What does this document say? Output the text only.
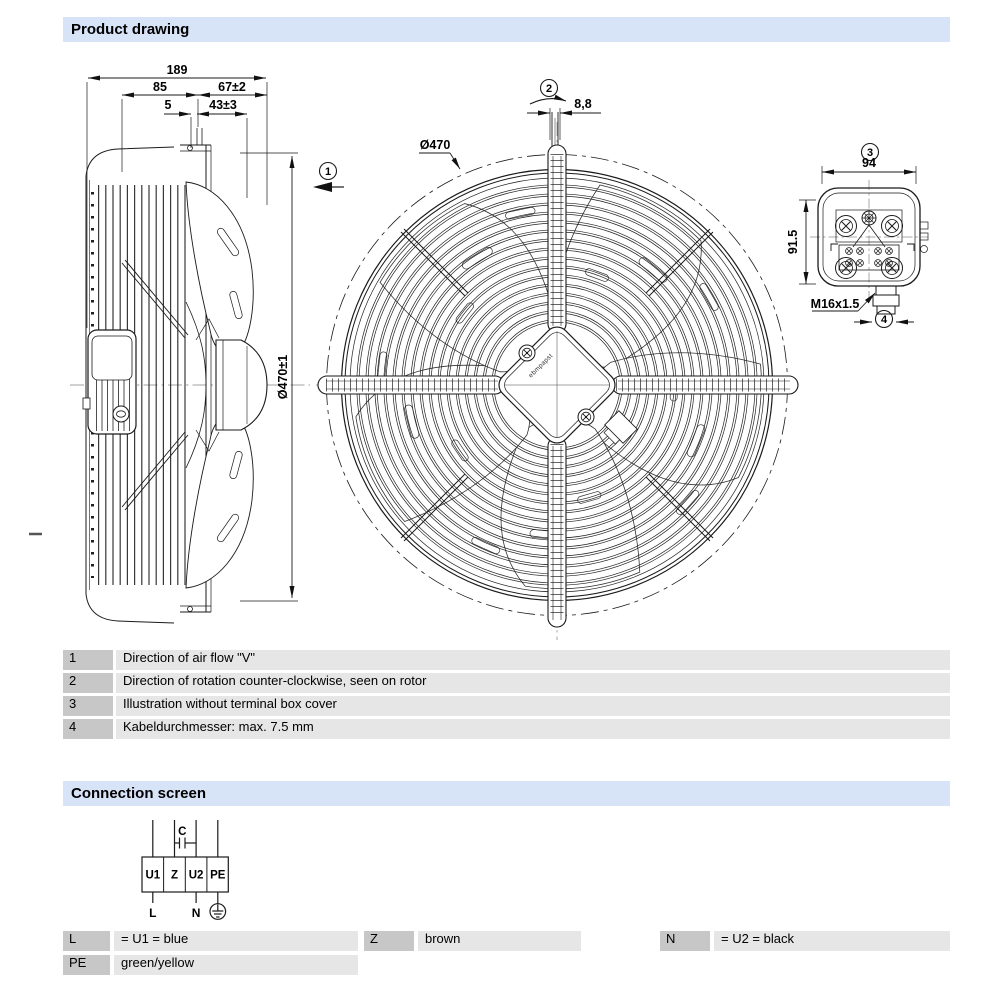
189
85	67±2
5	43±3
Ø470±1	ebmpapst
1
2
8,8
Ø470
3
94
91.5
M16x1.5
4
C
U1 Z U2 PE
L	N
Product drawing
Connection screen
1	Direction of air flow "V"
2	Direction of rotation counter-clockwise, seen on rotor
3	Illustration without terminal box cover
4	Kabeldurchmesser: max. 7.5 mm
L	= U1 = blue	Z	brown	N	= U2 = black
PE	green/yellow
